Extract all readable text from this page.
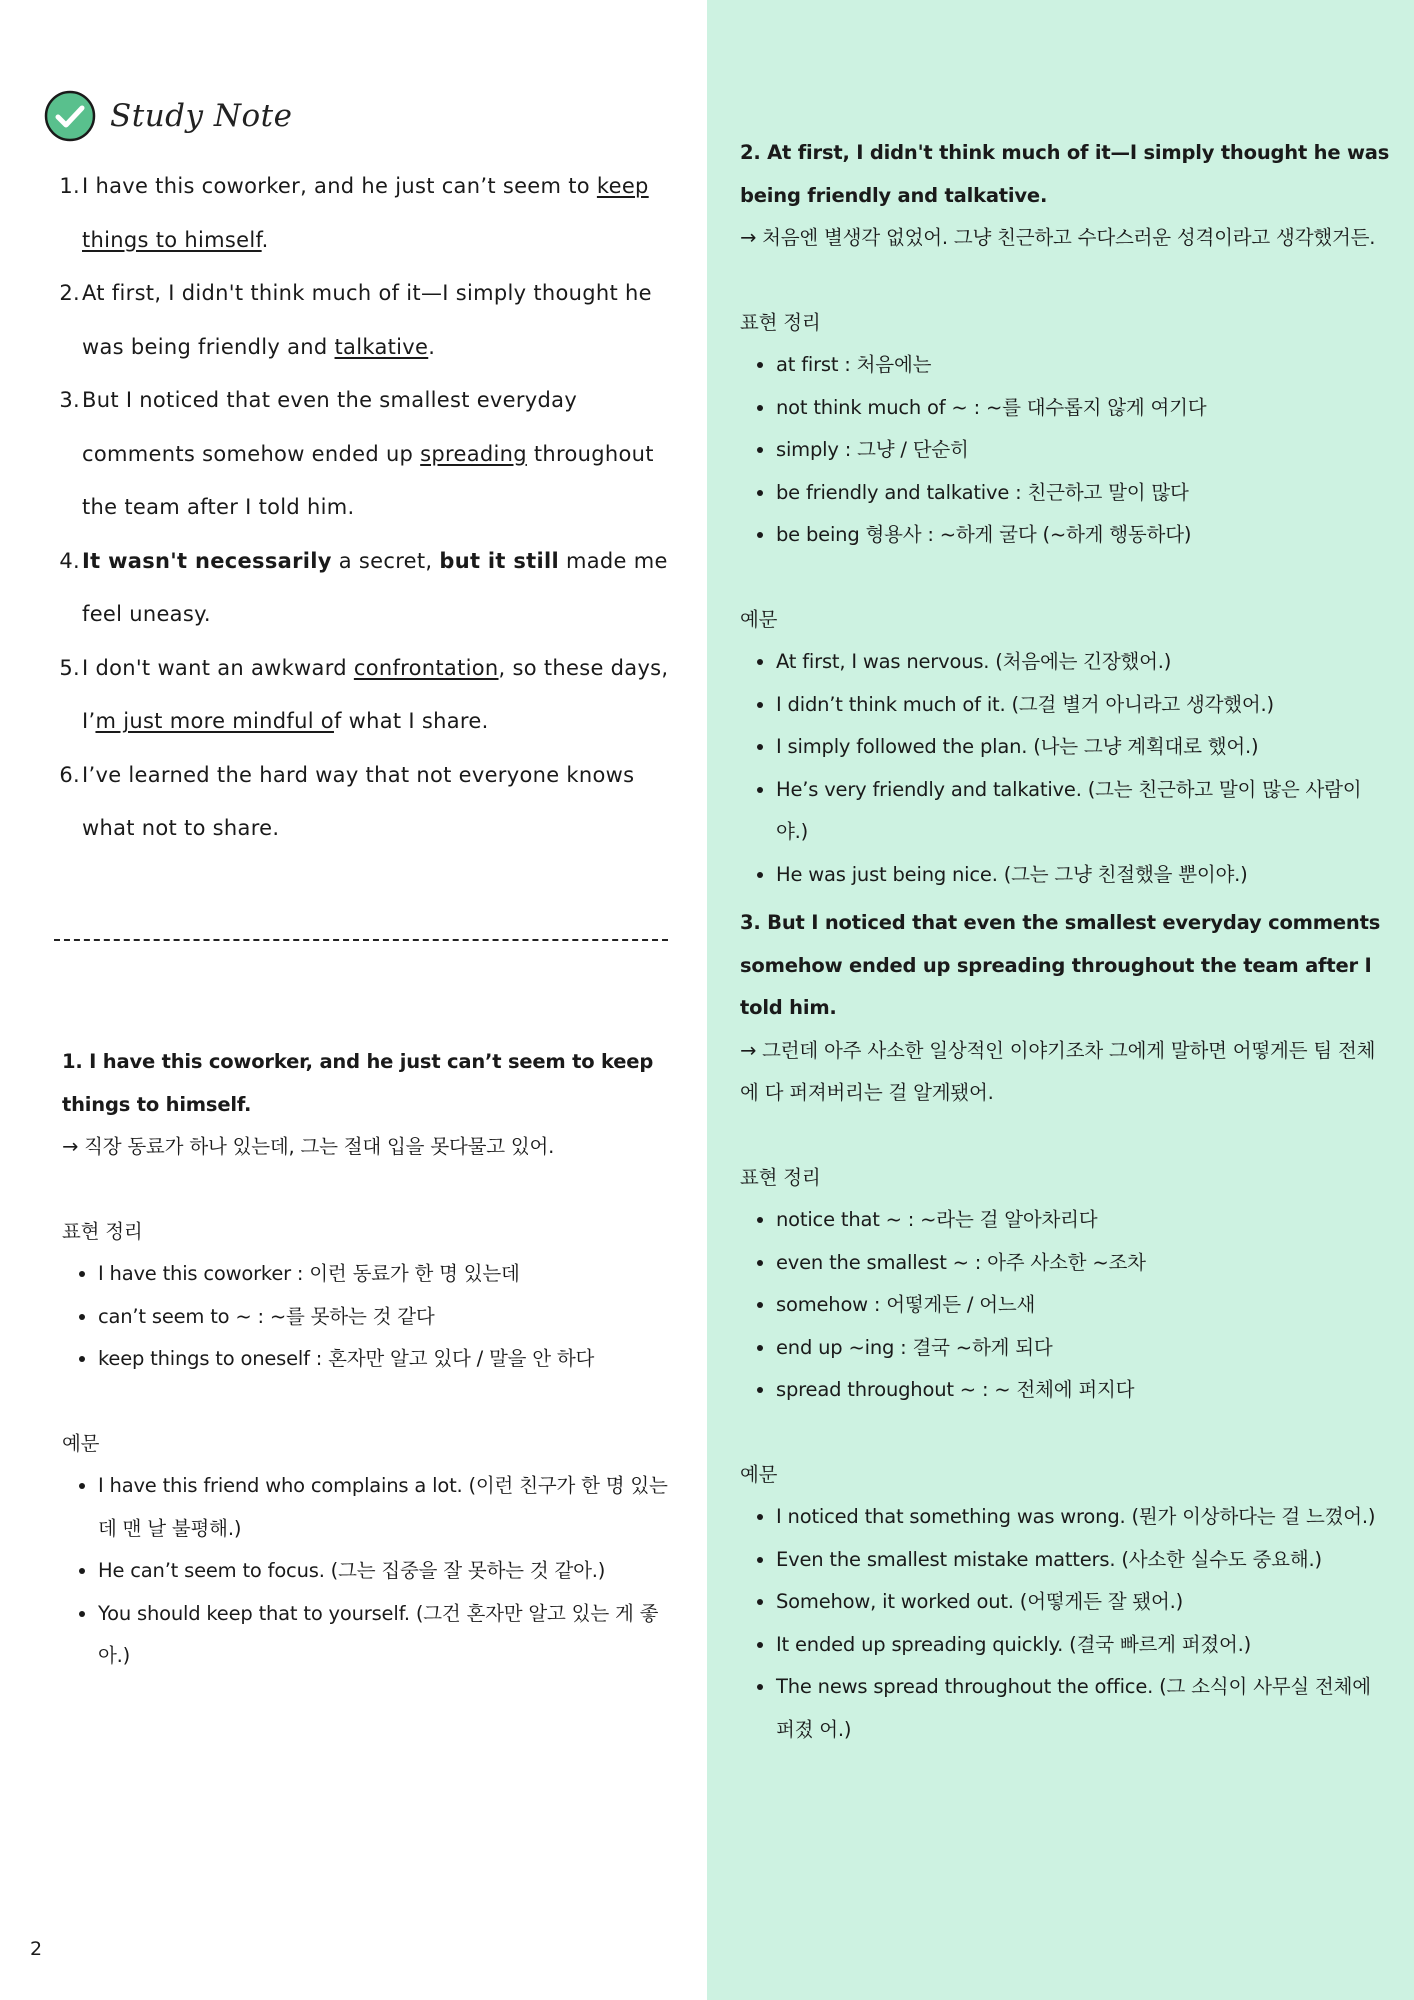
Study Note
1. I have this coworker, and he just can’t seem to keep things to himself.
2. At first, I didn't think much of it—I simply thought he was being friendly and talkative.
3. But I noticed that even the smallest everyday comments somehow ended up spreading throughout the team after I told him.
4. It wasn't necessarily a secret, but it still made me feel uneasy.
5. I don't want an awkward confrontation, so these days, I’m just more mindful of what I share.
6. I’ve learned the hard way that not everyone knows what not to share.

1. I have this coworker, and he just can’t seem to keep things to himself.

→ 직장 동료가 하나 있는데, 그는 절대 입을 못다물고 있어.

표현 정리

• I have this coworker : 이런 동료가 한 명 있는데
• can’t seem to ~ : ~를 못하는 것 같다
• keep things to oneself : 혼자만 알고 있다 / 말을 안 하다

예문

• I have this friend who complains a lot. (이런 친구가 한 명 있는데 맨 날 불평해.)
• He can’t seem to focus. (그는 집중을 잘 못하는 것 같아.)
• You should keep that to yourself. (그건 혼자만 알고 있는 게 좋아.)

2. At first, I didn't think much of it—I simply thought he was being friendly and talkative.

→ 처음엔 별생각 없었어. 그냥 친근하고 수다스러운 성격이라고 생각했거든.

표현 정리

• at first : 처음에는
• not think much of ~ : ~를 대수롭지 않게 여기다
• simply : 그냥 / 단순히
• be friendly and talkative : 친근하고 말이 많다
• be being 형용사 : ~하게 굴다 (~하게 행동하다)

예문

• At first, I was nervous. (처음에는 긴장했어.)
• I didn’t think much of it. (그걸 별거 아니라고 생각했어.)
• I simply followed the plan. (나는 그냥 계획대로 했어.)
• He’s very friendly and talkative. (그는 친근하고 말이 많은 사람이야.)
• He was just being nice. (그는 그냥 친절했을 뿐이야.)

3. But I noticed that even the smallest everyday comments somehow ended up spreading throughout the team after I told him.

→ 그런데 아주 사소한 일상적인 이야기조차 그에게 말하면 어떻게든 팀 전체에 다 퍼져버리는 걸 알게됐어.

표현 정리

• notice that ~ : ~라는 걸 알아차리다
• even the smallest ~ : 아주 사소한 ~조차
• somehow : 어떻게든 / 어느새
• end up ~ing : 결국 ~하게 되다
• spread throughout ~ : ~ 전체에 퍼지다

예문

• I noticed that something was wrong. (뭔가 이상하다는 걸 느꼈어.)
• Even the smallest mistake matters. (사소한 실수도 중요해.)
• Somehow, it worked out. (어떻게든 잘 됐어.)
• It ended up spreading quickly. (결국 빠르게 퍼졌어.)
• The news spread throughout the office. (그 소식이 사무실 전체에 퍼졌 어.)
2
